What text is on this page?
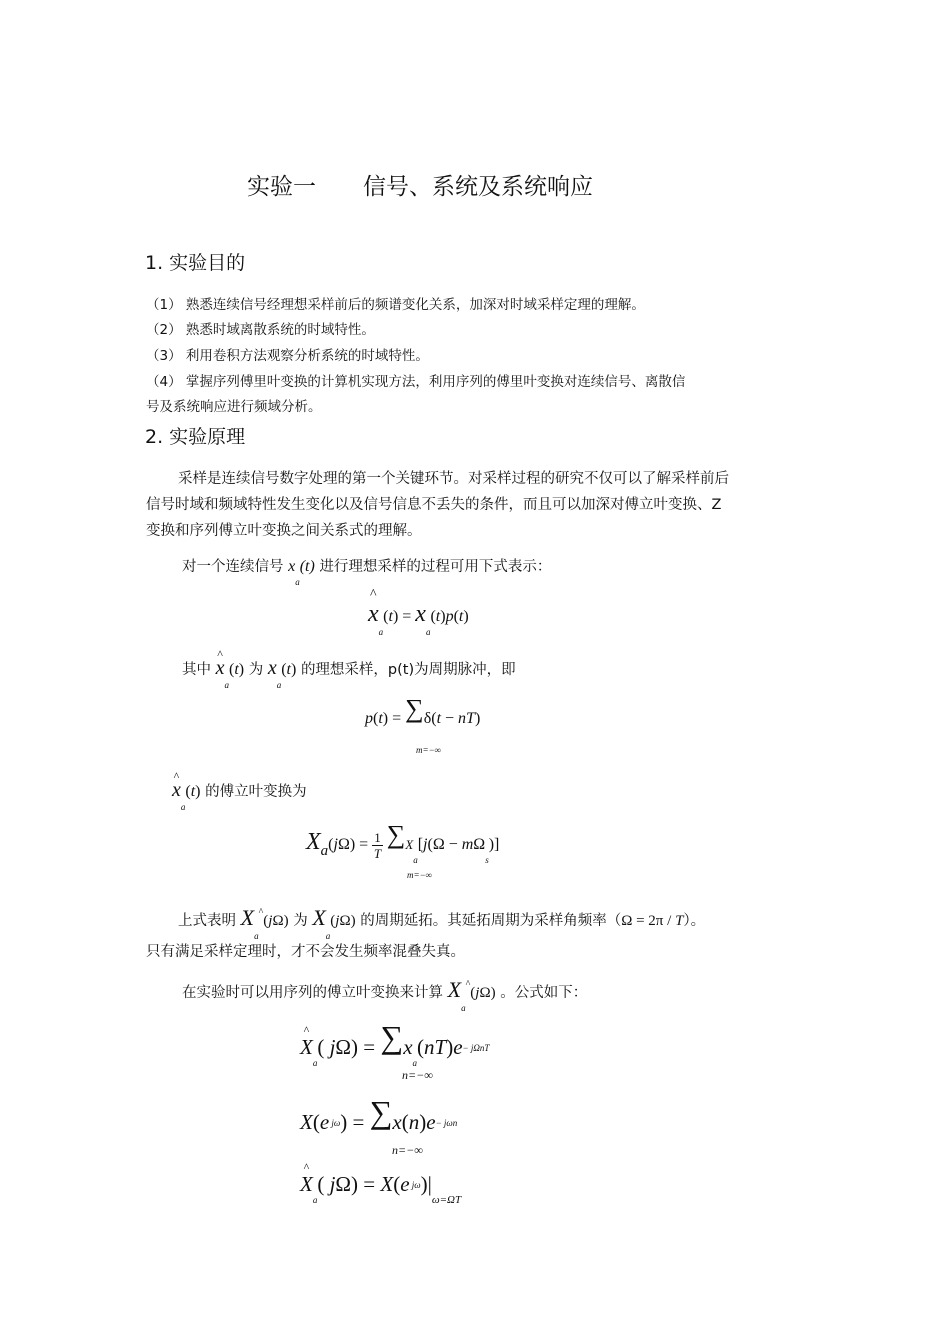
实验一 信号、系统及系统响应
1. 实验目的
（1） 熟悉连续信号经理想采样前后的频谱变化关系，加深对时域采样定理的理解。
（2） 熟悉时域离散系统的时域特性。
（3） 利用卷积方法观察分析系统的时域特性。
（4） 掌握序列傅里叶变换的计算机实现方法，利用序列的傅里叶变换对连续信号、离散信
号及系统响应进行频域分析。
2. 实验原理
采样是连续信号数字处理的第一个关键环节。对采样过程的研究不仅可以了解采样前后
信号时域和频域特性发生变化以及信号信息不丢失的条件，而且可以加深对傅立叶变换、Z
变换和序列傅立叶变换之间关系式的理解。
对一个连续信号 $x_a(t)$ 进行理想采样的过程可用下式表示：
x
^
$_a(t) = x_a(t)p(t)$
其中 x
^
$_a$(t) 为 $x_a(t)$ 的理想采样，p(t)为周期脉冲，即
p(t) = ∑δ(t − nT)
m=−∞
x
^
$_a$(t) 的傅立叶变换为
$Xa(j\Omega) = \frac{1}{T} \sum X_a[j(\Omega - m\Omega_s)]$
m=−∞
上式表明 $X_a^{\^{}}(j\Omega)$ 为 $X_a(j\Omega)$ 的周期延拓。其延拓周期为采样角频率（Ω = 2π / T）。
只有满足采样定理时，才不会发生频率混叠失真。
在实验时可以用序列的傅立叶变换来计算 $X_a^{\^{}}(j\Omega)$ 。公式如下：
X
^
$_a$( $j\Omega) = \sum x_a(nT)e- j\Omega nT$
n=−∞
X(e jω) = ∑x(n)e− jωn
n=−∞
X
^
$_a$( jΩ) = X(e $j\omega)|_{\omega=\Omega T}$
